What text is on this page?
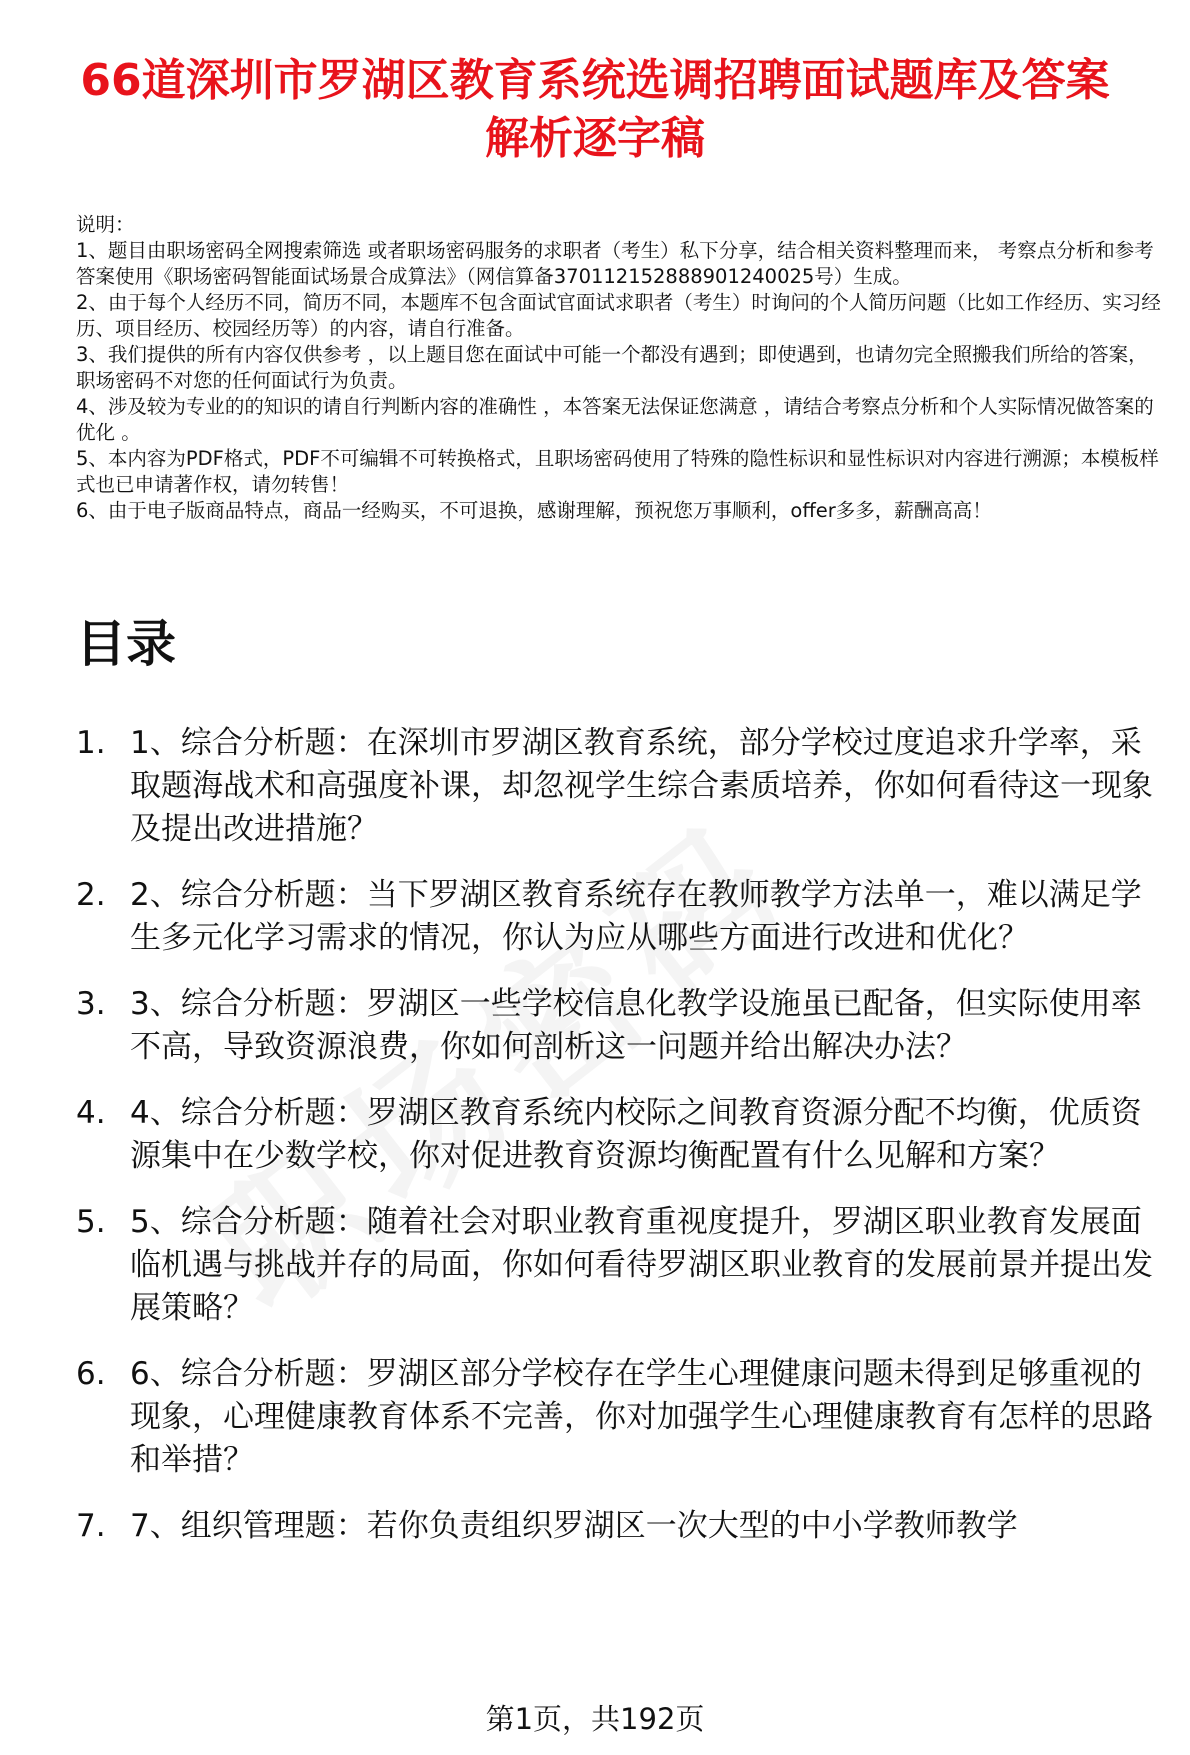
66道深圳市罗湖区教育系统选调招聘面试题库及答案解析逐字稿

说明：

1、题目由职场密码全网搜索筛选 或者职场密码服务的求职者（考生）私下分享，结合相关资料整理而来， 考察点分析和参考答案使用《职场密码智能面试场景合成算法》（网信算备370112152888901240025号）生成。

2、由于每个人经历不同，简历不同，本题库不包含面试官面试求职者（考生）时询问的个人简历问题（比如工作经历、实习经历、项目经历、校园经历等）的内容，请自行准备。

3、我们提供的所有内容仅供参考 ，以上题目您在面试中可能一个都没有遇到；即使遇到，也请勿完全照搬我们所给的答案，职场密码不对您的任何面试行为负责。

4、涉及较为专业的的知识的请自行判断内容的准确性 ，本答案无法保证您满意 ，请结合考察点分析和个人实际情况做答案的优化 。

5、本内容为PDF格式，PDF不可编辑不可转换格式，且职场密码使用了特殊的隐性标识和显性标识对内容进行溯源；本模板样式也已申请著作权，请勿转售！

6、由于电子版商品特点，商品一经购买，不可退换，感谢理解，预祝您万事顺利，offer多多，薪酬高高！

目录
1. 1、综合分析题：在深圳市罗湖区教育系统，部分学校过度追求升学率，采取题海战术和高强度补课，却忽视学生综合素质培养，你如何看待这一现象及提出改进措施？
2. 2、综合分析题：当下罗湖区教育系统存在教师教学方法单一，难以满足学生多元化学习需求的情况，你认为应从哪些方面进行改进和优化？
3. 3、综合分析题：罗湖区一些学校信息化教学设施虽已配备，但实际使用率不高，导致资源浪费，你如何剖析这一问题并给出解决办法？
4. 4、综合分析题：罗湖区教育系统内校际之间教育资源分配不均衡，优质资源集中在少数学校，你对促进教育资源均衡配置有什么见解和方案？
5. 5、综合分析题：随着社会对职业教育重视度提升，罗湖区职业教育发展面临机遇与挑战并存的局面，你如何看待罗湖区职业教育的发展前景并提出发展策略？
6. 6、综合分析题：罗湖区部分学校存在学生心理健康问题未得到足够重视的现象，心理健康教育体系不完善，你对加强学生心理健康教育有怎样的思路和举措？
7. 7、组织管理题：若你负责组织罗湖区一次大型的中小学教师教学
第1页，共192页
